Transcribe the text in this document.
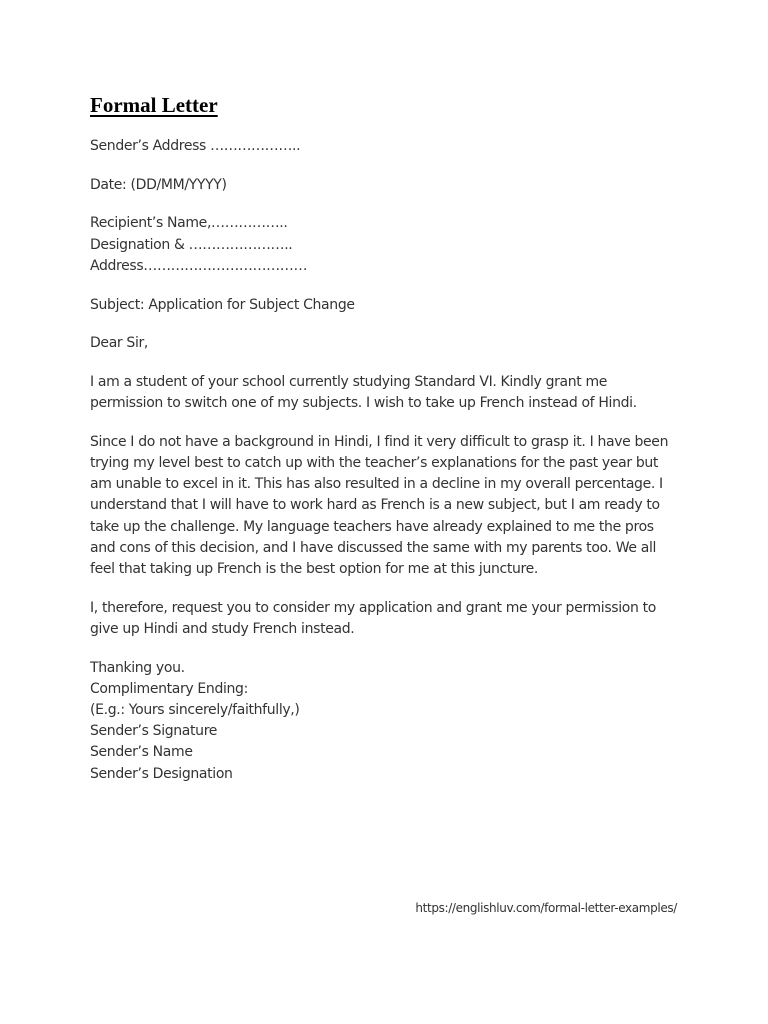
Formal Letter
Sender’s Address ………………..
Date: (DD/MM/YYYY)
Recipient’s Name,……………..
Designation & …………………..
Address………………………………
Subject: Application for Subject Change
Dear Sir,
I am a student of your school currently studying Standard VI. Kindly grant me
permission to switch one of my subjects. I wish to take up French instead of Hindi.
Since I do not have a background in Hindi, I find it very difficult to grasp it. I have been
trying my level best to catch up with the teacher’s explanations for the past year but
am unable to excel in it. This has also resulted in a decline in my overall percentage. I
understand that I will have to work hard as French is a new subject, but I am ready to
take up the challenge. My language teachers have already explained to me the pros
and cons of this decision, and I have discussed the same with my parents too. We all
feel that taking up French is the best option for me at this juncture.
I, therefore, request you to consider my application and grant me your permission to
give up Hindi and study French instead.
Thanking you.
Complimentary Ending:
(E.g.: Yours sincerely/faithfully,)
Sender’s Signature
Sender’s Name
Sender’s Designation
https://englishluv.com/formal-letter-examples/
